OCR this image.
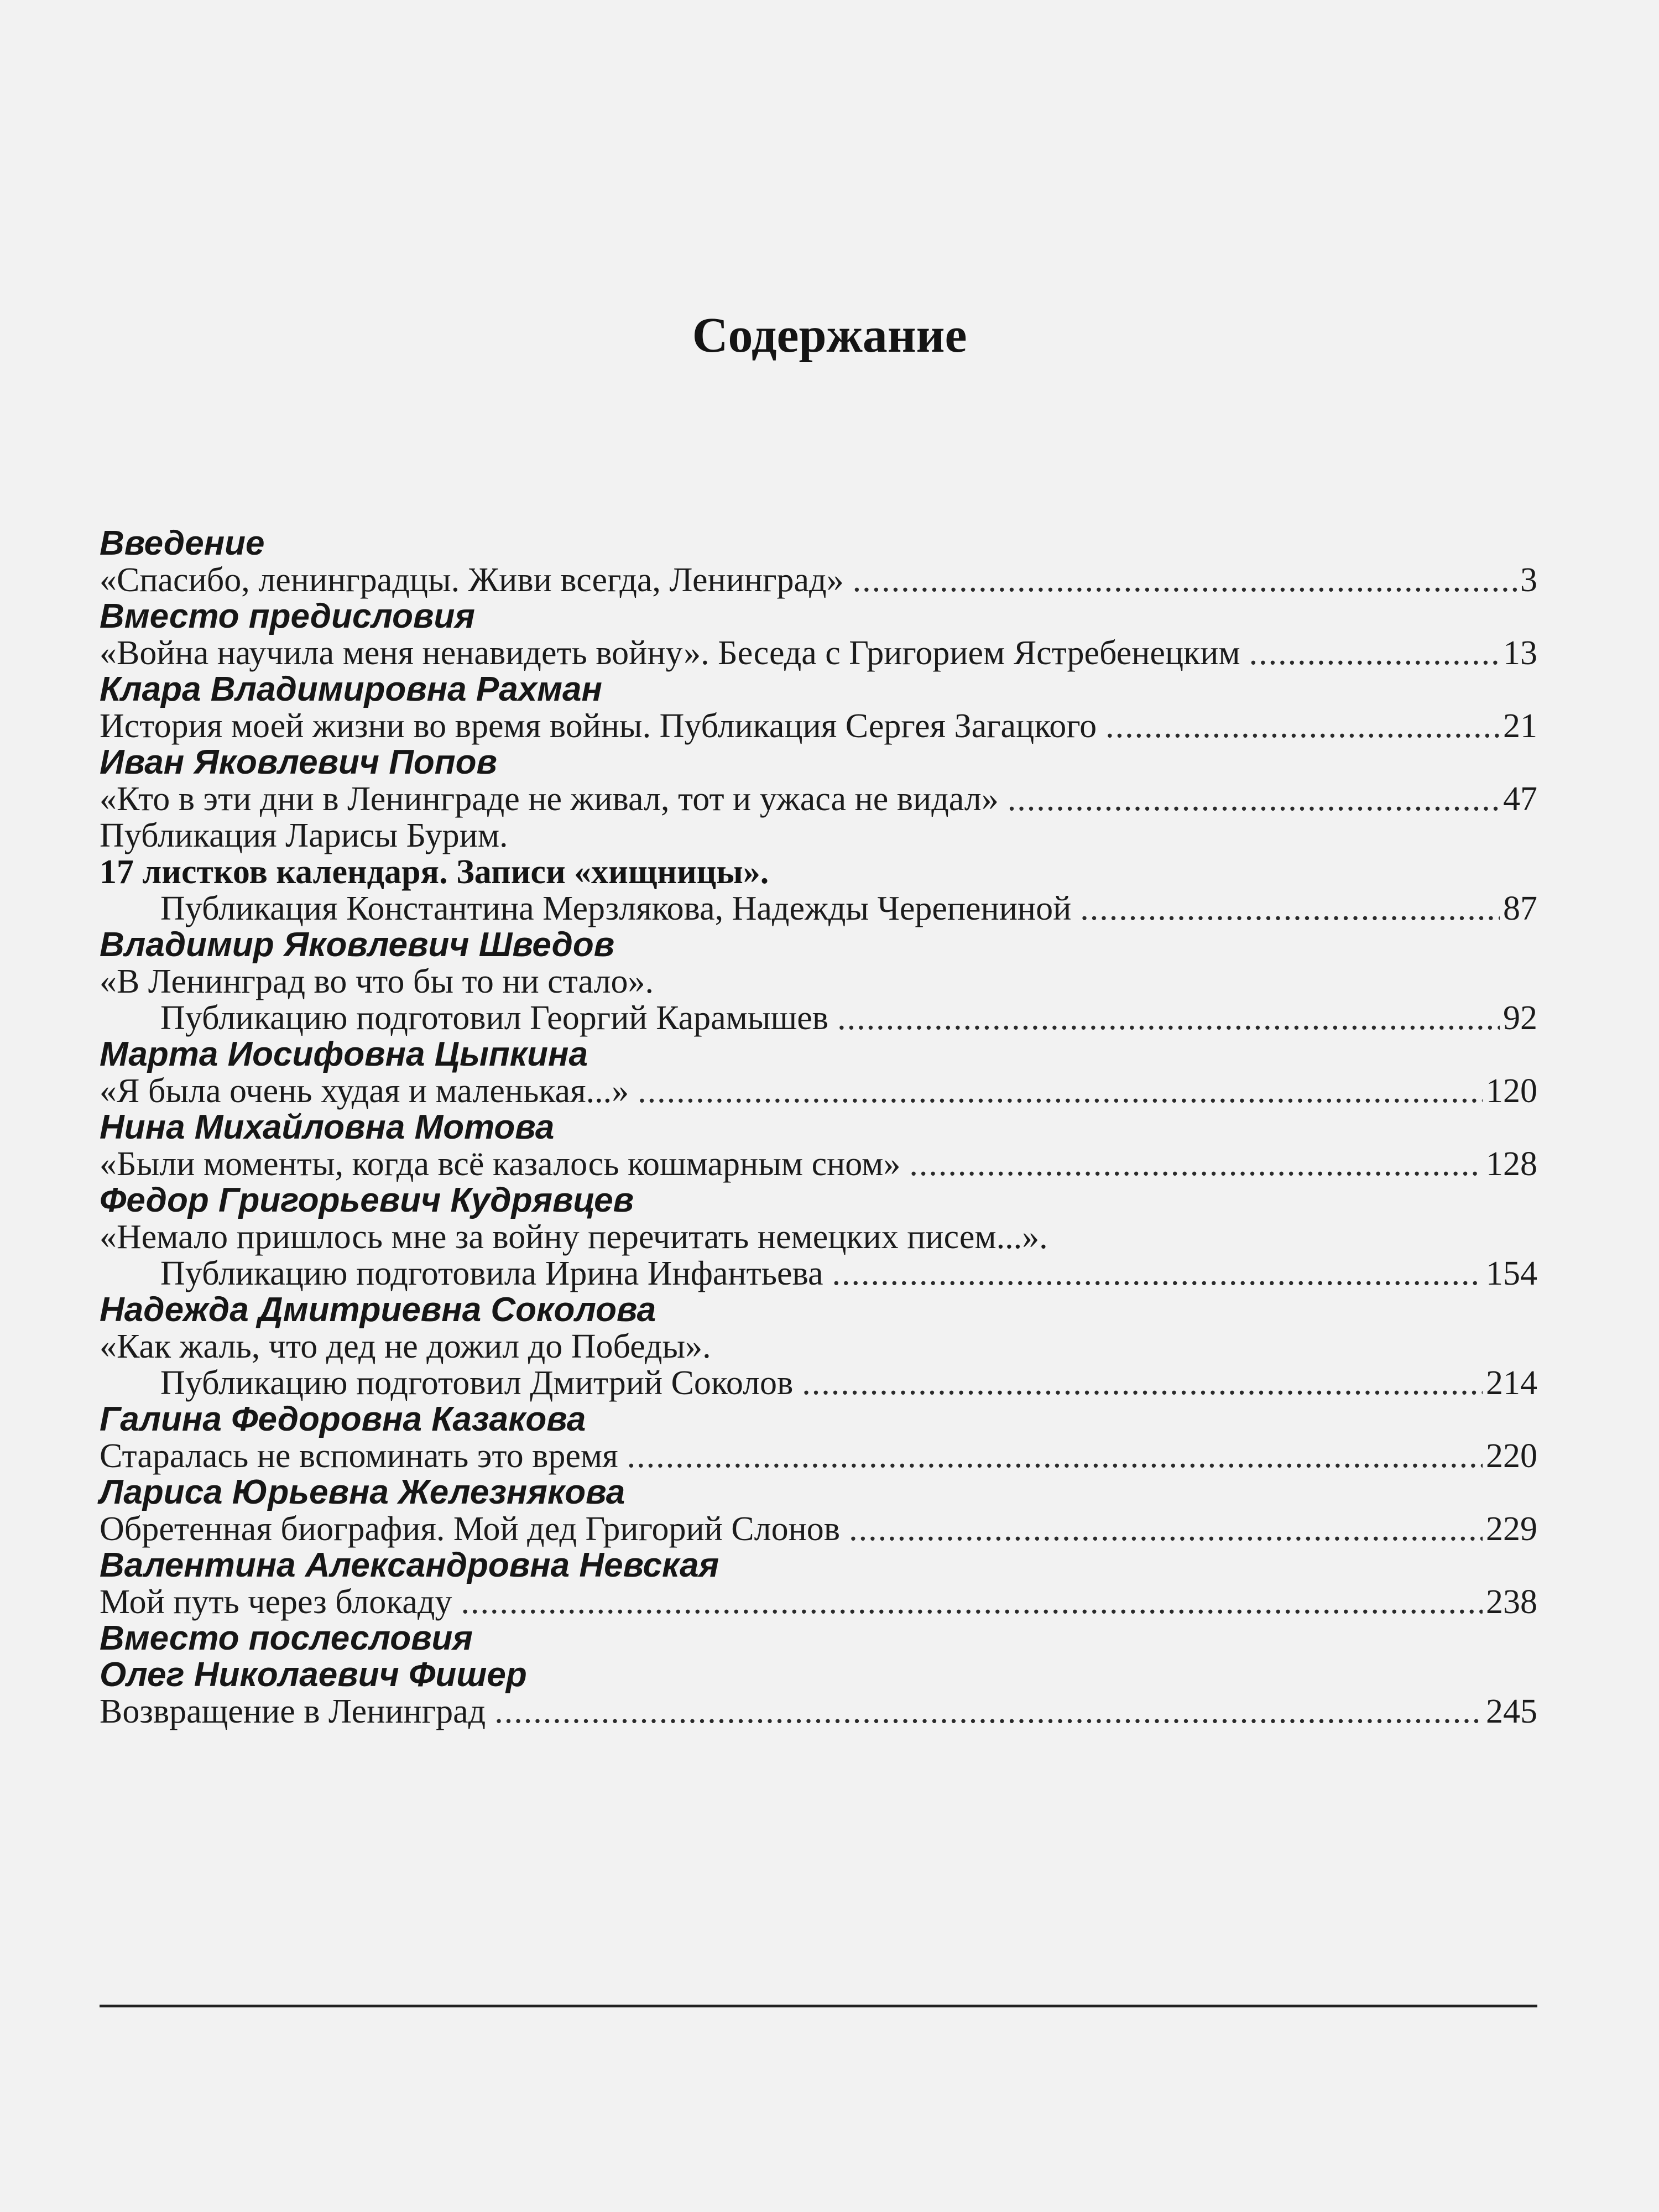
Содержание
Введение
«Спасибо, ленинградцы. Живи всегда, Ленинград» .....	3
Вместо предисловия
«Война научила меня ненавидеть войну». Беседа с Григорием Ястребенецким .....	13
Клара Владимировна Рахман
История моей жизни во время войны. Публикация Сергея Загацкого .....	21
Иван Яковлевич Попов
«Кто в эти дни в Ленинграде не живал, тот и ужаса не видал» .....	47
Публикация Ларисы Бурим.
17 листков календаря. Записи «хищницы».
Публикация Константина Мерзлякова, Надежды Черепениной .....	87
Владимир Яковлевич Шведов
«В Ленинград во что бы то ни стало».
Публикацию подготовил Георгий Карамышев .....	92
Марта Иосифовна Цыпкина
«Я была очень худая и маленькая...» .....	120
Нина Михайловна Мотова
«Были моменты, когда всё казалось кошмарным сном» .....	128
Федор Григорьевич Кудрявцев
«Немало пришлось мне за войну перечитать немецких писем...».
Публикацию подготовила Ирина Инфантьева .....	154
Надежда Дмитриевна Соколова
«Как жаль, что дед не дожил до Победы».
Публикацию подготовил Дмитрий Соколов .....	214
Галина Федоровна Казакова
Старалась не вспоминать это время .....	220
Лариса Юрьевна Железнякова
Обретенная биография. Мой дед Григорий Слонов .....	229
Валентина Александровна Невская
Мой путь через блокаду .....	238
Вместо послесловия
Олег Николаевич Фишер
Возвращение в Ленинград .....	245
